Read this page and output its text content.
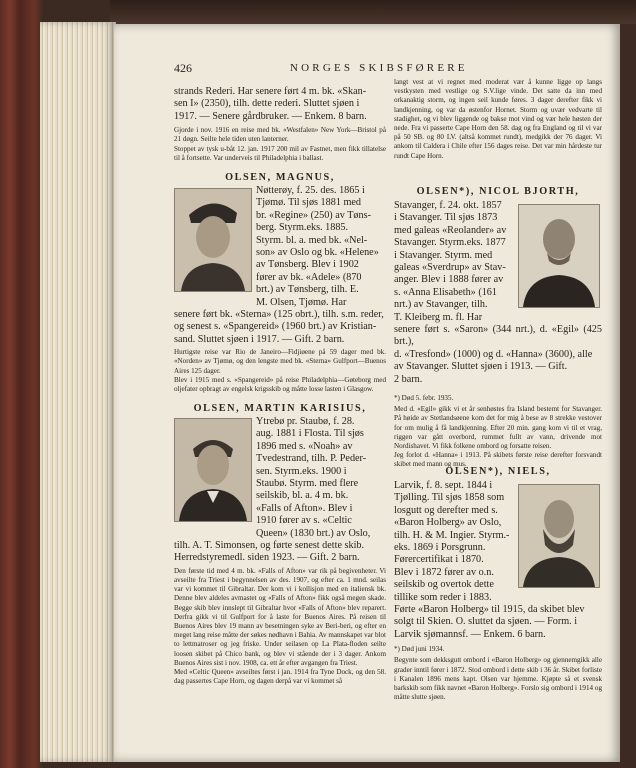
426	NORGES SKIBSFØRERE
strands Rederi. Har senere ført 4 m. bk. «Skan-
sen I» (2350), tilh. dette rederi. Sluttet sjøen i
1917. — Senere gårdbruker. — Enkem. 8 barn.

Gjorde i nov. 1916 en reise med bk. «Westfalen» New York—Bristol på 21 døgn. Seilte hele tiden uten lanterner.

Stoppet av tysk u-båt 12. jan. 1917 200 mil av Fastnet, men fikk tillatelse til å fortsette. Var underveis til Philadelphia i ballast.

OLSEN, MAGNUS,
Nøtterøy, f. 25. des. 1865 i
Tjømø. Til sjøs 1881 med
br. «Regine» (250) av Tøns-
berg. Styrm.eks. 1885.
Styrm. bl. a. med bk. «Nel-
son» av Oslo og bk. «Helene»
av Tønsberg. Blev i 1902
fører av bk. «Adele» (870
brt.) av Tønsberg, tilh. E.
M. Olsen, Tjømø. Har
senere ført bk. «Sterna» (125 obrt.), tilh. s.m. reder,
og senest s. «Spangereid» (1960 brt.) av Kristian-
sand. Sluttet sjøen i 1917. — Gift. 2 barn.

Hurtigste reise var Rio de Janeiro—Fidjiøene på 59 dager med bk. «Norden» av Tjømø, og den lengste med bk. «Sterna» Gulfport—Buenos Aires 125 dager.

Blev i 1915 med s. «Spangereid» på reise Philadelphia—Gøteborg med oljefater opbragt av engelsk krigsskib og måtte losse lasten i Glasgow.

OLSEN, MARTIN KARISIUS,
Ytrebø pr. Staubø, f. 28.
aug. 1881 i Flosta. Til sjøs
1896 med s. «Noah» av
Tvedestrand, tilh. P. Peder-
sen. Styrm.eks. 1900 i
Staubø. Styrm. med flere
seilskib, bl. a. 4 m. bk.
«Falls of Afton». Blev i
1910 fører av s. «Celtic
Queen» (1830 brt.) av Oslo,
tilh. A. T. Simonsen, og førte senest dette skib.
Herredstyremedl. siden 1923. — Gift. 2 barn.

Den første tid med 4 m. bk. «Falls of Afton» var rik på begivenheter. Vi avseilte fra Triest i begynnelsen av des. 1907, og efter ca. 1 mnd. seilas var vi kommet til Gibraltar. Der kom vi i kollisjon med en italiensk bk. Denne blev aldeles avmastet og «Falls of Afton» fikk også megen skade. Begge skib blev innslept til Gibraltar hvor «Falls of Afton» blev reparert. Derfra gikk vi til Gulfport for å laste for Buenos Aires. På reisen til Buenos Aires blev 19 mann av besetningen syke av Beri-beri, og efter en meget lang reise måtte der søkes nødhavn i Bahia. Av mannskapet var blot to lettmatroser og jeg friske. Under seilasen op La Plata-floden seilte loosen skibet på Chico bank, og blev vi stående der i 3 dager. Ankom Buenos Aires sist i nov. 1908, ca. ett år efter avgangen fra Triest.

Med «Celtic Queen» avseiltes først i jan. 1914 fra Tyne Dock, og den 58. dag passertes Cape Horn, og dagen derpå var vi kommet så

langt vest at vi regnet med moderat vær å kunne ligge op langs vestkysten med vestlige og S.V.lige vinde. Det satte da inn med orkanaktig storm, og ingen seil kunde føres. 3 dager derefter fikk vi landkjenning, og var da østenfor Hornet. Storm og uvær vedvarte til stadighet, og vi blev liggende og bakse mot vind og vær hele høsten der nede. Fra vi passerte Cape Horn den 58. dag og fra England og til vi var på 50 SB. og 80 LV. (altså kommet rundt), medgikk der 76 dager. Vi ankom til Caldera i Chile efter 156 dages reise. Det var min hårdeste tur rundt Cape Horn.

OLSEN*), NICOL BJORTH,
Stavanger, f. 24. okt. 1857
i Stavanger. Til sjøs 1873
med galeas «Reolander» av
Stavanger. Styrm.eks. 1877
i Stavanger. Styrm. med
galeas «Sverdrup» av Stav-
anger. Blev i 1888 fører av
s. «Anna Elisabeth» (161
nrt.) av Stavanger, tilh.
T. Kleiberg m. fl. Har
senere ført s. «Saron» (344 nrt.), d. «Egil» (425 brt.),
d. «Tresfond» (1000) og d. «Hanna» (3600), alle
av Stavanger. Sluttet sjøen i 1913. — Gift.
2 barn.

*) Død 5. febr. 1935.

Med d. «Egil» gikk vi et år senhøstes fra Island bestemt for Stavanger. På høide av Stetlandsøene kom det for mig å bese av 8 strekke vestover for om mulig å få landkjenning. Efter 20 min. gang kom vi til et vrag, riggen var gått overbord, rummet fullt av vann, drivende mot Nordishavet. Vi fikk folkene ombord og forsatte reisen.

Jeg forlot d. «Hanna» i 1913. På skibets første reise derefter forsvandt skibet med mann og mus.

OLSEN*), NIELS,
Larvik, f. 8. sept. 1844 i
Tjølling. Til sjøs 1858 som
losgutt og derefter med s.
«Baron Holberg» av Oslo,
tilh. H. & M. Ingier. Styrm.-
eks. 1869 i Porsgrunn.
Førercertifikat i 1870.
Blev i 1872 fører av o.n.
seilskib og overtok dette
tillike som reder i 1883.
Førte «Baron Holberg» til 1915, da skibet blev
solgt til Skien. O. sluttet da sjøen. — Form. i
Larvik sjømannsf. — Enkem. 6 barn.

*) Død juni 1934.

Begynte som dekksgutt ombord i «Baron Holberg» og gjennemgikk alle grader inntil fører i 1872. Stod ombord i dette skib i 36 år. Skibet forliste i Kanalen 1896 mens kapt. Olsen var hjemme. Kjøpte så et svensk barkskib som fikk navnet «Baron Holberg». Forslo sig ombord i 1914 og måtte slutte sjøen.
